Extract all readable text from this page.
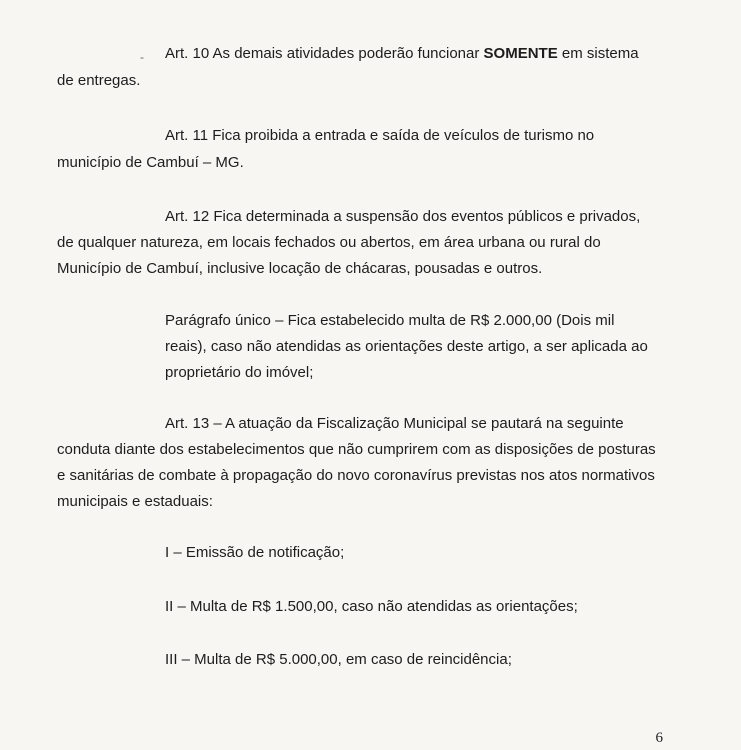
- Art. 10 As demais atividades poderão funcionar SOMENTE em sistema
de entregas.
Art. 11 Fica proibida a entrada e saída de veículos de turismo no
município de Cambuí – MG.
Art. 12 Fica determinada a suspensão dos eventos públicos e privados,
de qualquer natureza, em locais fechados ou abertos, em área urbana ou rural do
Município de Cambuí, inclusive locação de chácaras, pousadas e outros.
Parágrafo único – Fica estabelecido multa de R$ 2.000,00 (Dois mil
reais), caso não atendidas as orientações deste artigo, a ser aplicada ao
proprietário do imóvel;
Art. 13 – A atuação da Fiscalização Municipal se pautará na seguinte
conduta diante dos estabelecimentos que não cumprirem com as disposições de posturas
e sanitárias de combate à propagação do novo coronavírus previstas nos atos normativos
municipais e estaduais:
I – Emissão de notificação;
II – Multa de R$ 1.500,00, caso não atendidas as orientações;
III – Multa de R$ 5.000,00, em caso de reincidência;
6
